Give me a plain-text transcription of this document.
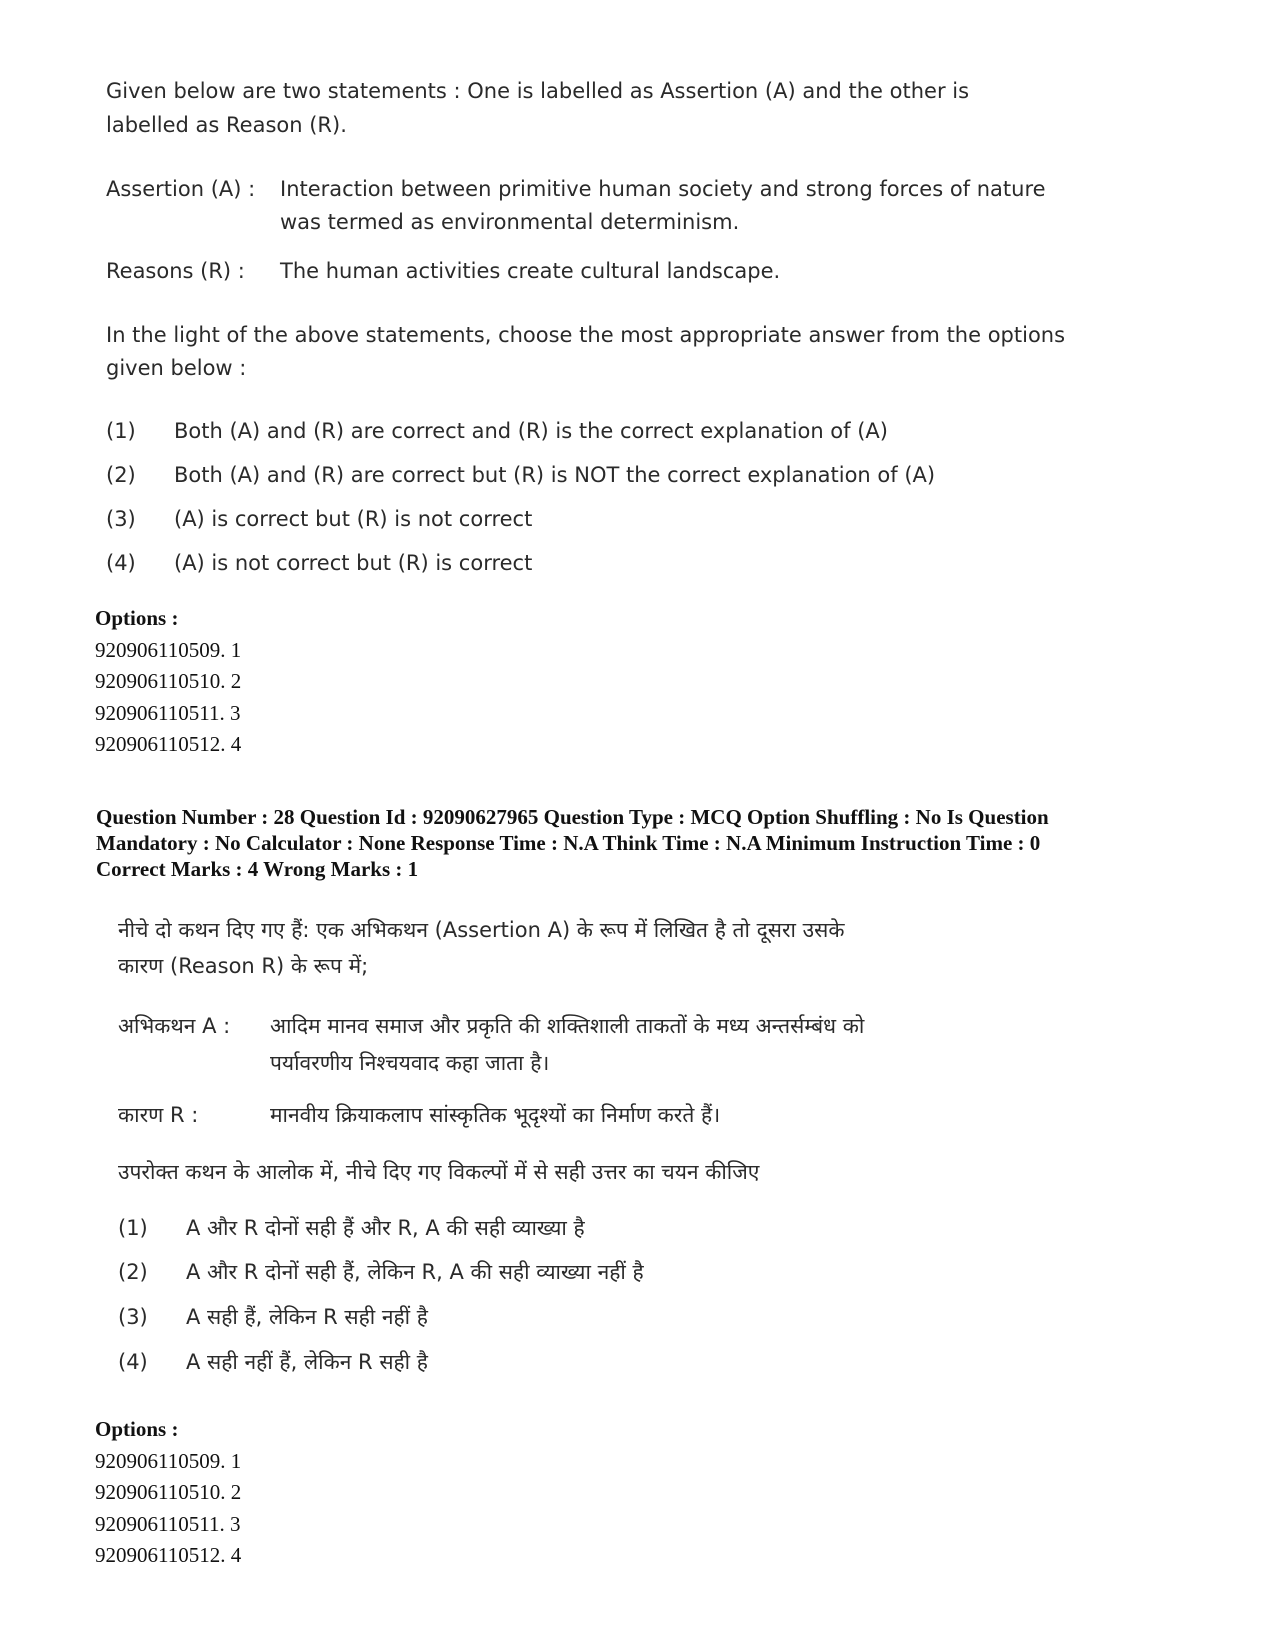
Given below are two statements : One is labelled as Assertion (A) and the other is
labelled as Reason (R).
Assertion (A) : Interaction between primitive human society and strong forces of nature
was termed as environmental determinism.
Reasons (R) : The human activities create cultural landscape.
In the light of the above statements, choose the most appropriate answer from the options
given below :
(1) Both (A) and (R) are correct and (R) is the correct explanation of (A)
(2) Both (A) and (R) are correct but (R) is NOT the correct explanation of (A)
(3) (A) is correct but (R) is not correct
(4) (A) is not correct but (R) is correct
Options :
920906110509. 1
920906110510. 2
920906110511. 3
920906110512. 4
Question Number : 28 Question Id : 92090627965 Question Type : MCQ Option Shuffling : No Is Question
Mandatory : No Calculator : None Response Time : N.A Think Time : N.A Minimum Instruction Time : 0
Correct Marks : 4 Wrong Marks : 1
नीचे दो कथन दिए गए हैं: एक अभिकथन (Assertion A) के रूप में लिखित है तो दूसरा उसके
कारण (Reason R) के रूप में;
अभिकथन A : आदिम मानव समाज और प्रकृति की शक्तिशाली ताकतों के मध्य अन्तर्सम्बंध को
पर्यावरणीय निश्चयवाद कहा जाता है।
कारण R :	मानवीय क्रियाकलाप सांस्कृतिक भूदृश्यों का निर्माण करते हैं।
उपरोक्त कथन के आलोक में, नीचे दिए गए विकल्पों में से सही उत्तर का चयन कीजिए
(1) A और R दोनों सही हैं और R, A की सही व्याख्या है
(2) A और R दोनों सही हैं, लेकिन R, A की सही व्याख्या नहीं है
(3) A सही हैं, लेकिन R सही नहीं है
(4) A सही नहीं हैं, लेकिन R सही है
Options :
920906110509. 1
920906110510. 2
920906110511. 3
920906110512. 4
